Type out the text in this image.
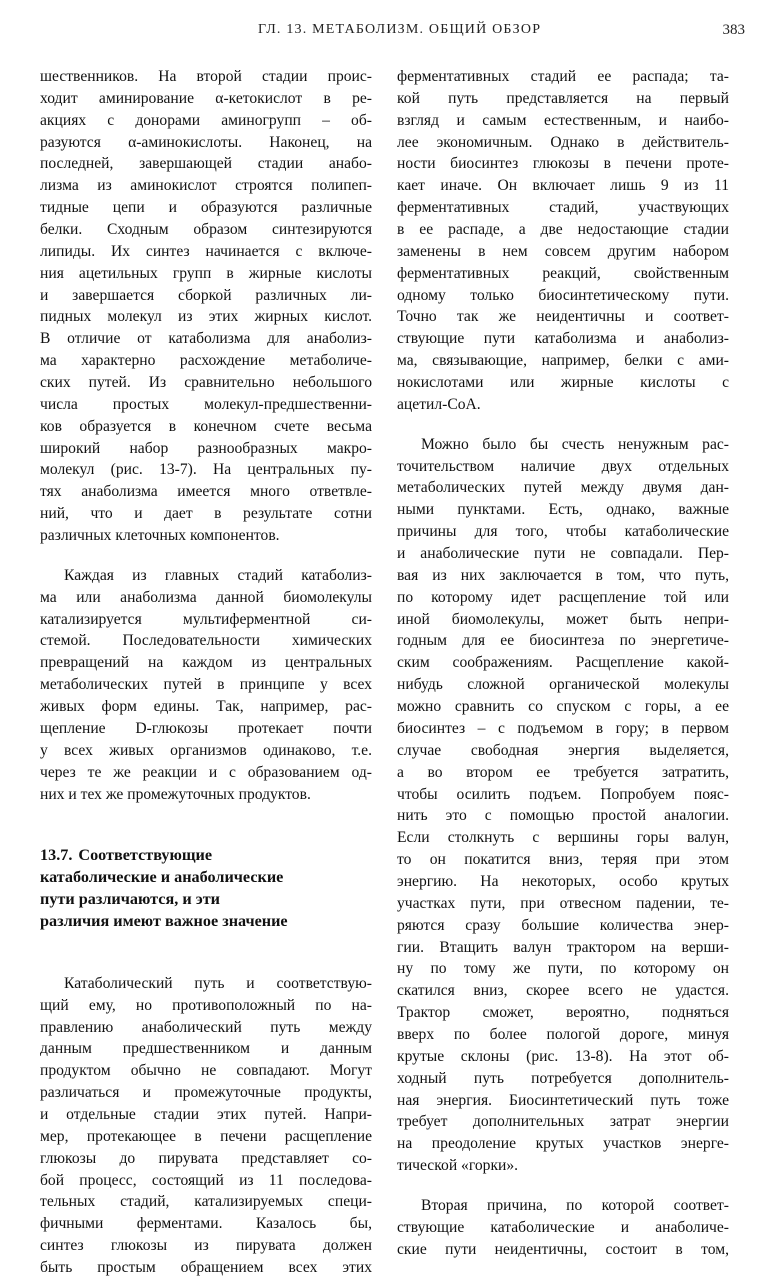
ГЛ. 13. МЕТАБОЛИЗМ. ОБЩИЙ ОБЗОР	383
шественников. На второй стадии проис-
ходит аминирование α-кетокислот в ре-
акциях с донорами аминогрупп – об-
разуются α-аминокислоты. Наконец, на
последней, завершающей стадии анабо-
лизма из аминокислот строятся полипеп-
тидные цепи и образуются различные
белки. Сходным образом синтезируются
липиды. Их синтез начинается с включе-
ния ацетильных групп в жирные кислоты
и завершается сборкой различных ли-
пидных молекул из этих жирных кислот.
В отличие от катаболизма для анаболиз-
ма характерно расхождение метаболиче-
ских путей. Из сравнительно небольшого
числа простых молекул-предшественни-
ков образуется в конечном счете весьма
широкий набор разнообразных макро-
молекул (рис. 13-7). На центральных пу-
тях анаболизма имеется много ответвле-
ний, что и дает в результате сотни
различных клеточных компонентов.
Каждая из главных стадий катаболиз-
ма или анаболизма данной биомолекулы
катализируется мультиферментной си-
стемой. Последовательности химических
превращений на каждом из центральных
метаболических путей в принципе у всех
живых форм едины. Так, например, рас-
щепление D-глюкозы протекает почти
у всех живых организмов одинаково, т.е.
через те же реакции и с образованием од-
них и тех же промежуточных продуктов.
13.7. Соответствующие
катаболические и анаболические
пути различаются, и эти
различия имеют важное значение
Катаболический путь и соответствую-
щий ему, но противоположный по на-
правлению анаболический путь между
данным предшественником и данным
продуктом обычно не совпадают. Могут
различаться и промежуточные продукты,
и отдельные стадии этих путей. Напри-
мер, протекающее в печени расщепление
глюкозы до пирувата представляет со-
бой процесс, состоящий из 11 последова-
тельных стадий, катализируемых специ-
фичными ферментами. Казалось бы,
синтез глюкозы из пирувата должен
быть простым обращением всех этих
ферментативных стадий ее распада; та-
кой путь представляется на первый
взгляд и самым естественным, и наибо-
лее экономичным. Однако в действитель-
ности биосинтез глюкозы в печени проте-
кает иначе. Он включает лишь 9 из 11
ферментативных стадий, участвующих
в ее распаде, а две недостающие стадии
заменены в нем совсем другим набором
ферментативных реакций, свойственным
одному только биосинтетическому пути.
Точно так же неидентичны и соответ-
ствующие пути катаболизма и анаболиз-
ма, связывающие, например, белки с ами-
нокислотами или жирные кислоты с
ацетил-СоА.
Можно было бы счесть ненужным рас-
точительством наличие двух отдельных
метаболических путей между двумя дан-
ными пунктами. Есть, однако, важные
причины для того, чтобы катаболические
и анаболические пути не совпадали. Пер-
вая из них заключается в том, что путь,
по которому идет расщепление той или
иной биомолекулы, может быть непри-
годным для ее биосинтеза по энергетиче-
ским соображениям. Расщепление какой-
нибудь сложной органической молекулы
можно сравнить со спуском с горы, а ее
биосинтез – с подъемом в гору; в первом
случае свободная энергия выделяется,
а во втором ее требуется затратить,
чтобы осилить подъем. Попробуем пояс-
нить это с помощью простой аналогии.
Если столкнуть с вершины горы валун,
то он покатится вниз, теряя при этом
энергию. На некоторых, особо крутых
участках пути, при отвесном падении, те-
ряются сразу большие количества энер-
гии. Втащить валун трактором на верши-
ну по тому же пути, по которому он
скатился вниз, скорее всего не удастся.
Трактор сможет, вероятно, подняться
вверх по более пологой дороге, минуя
крутые склоны (рис. 13-8). На этот об-
ходный путь потребуется дополнитель-
ная энергия. Биосинтетический путь тоже
требует дополнительных затрат энергии
на преодоление крутых участков энерге-
тической «горки».
Вторая причина, по которой соответ-
ствующие катаболические и анаболиче-
ские пути неидентичны, состоит в том,
